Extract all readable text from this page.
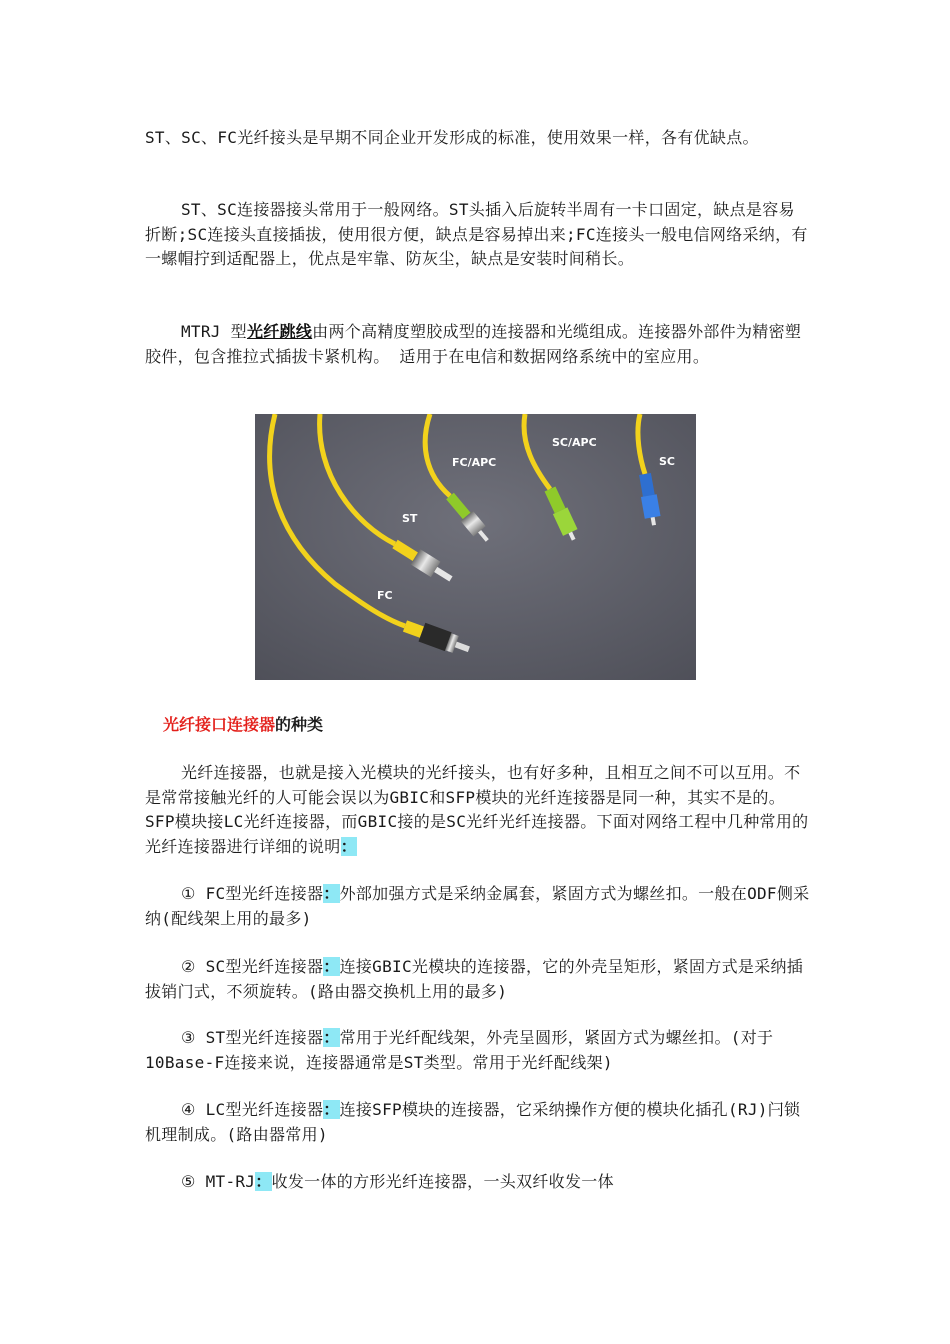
ST、SC、FC光纤接头是早期不同企业开发形成的标准，使用效果一样，各有优缺点。

ST、SC连接器接头常用于一般网络。ST头插入后旋转半周有一卡口固定，缺点是容易折断;SC连接头直接插拔，使用很方便，缺点是容易掉出来;FC连接头一般电信网络采纳，有一螺帽拧到适配器上，优点是牢靠、防灰尘，缺点是安装时间稍长。

MTRJ 型光纤跳线由两个高精度塑胶成型的连接器和光缆组成。连接器外部件为精密塑胶件，包含推拉式插拔卡紧机构。 适用于在电信和数据网络系统中的室应用。

FC
ST
FC/APC
SC/APC
SC
光纤接口连接器的种类

光纤连接器，也就是接入光模块的光纤接头，也有好多种，且相互之间不可以互用。不是常常接触光纤的人可能会误以为GBIC和SFP模块的光纤连接器是同一种，其实不是的。SFP模块接LC光纤连接器，而GBIC接的是SC光纤光纤连接器。下面对网络工程中几种常用的光纤连接器进行详细的说明：

① FC型光纤连接器：外部加强方式是采纳金属套，紧固方式为螺丝扣。一般在ODF侧采纳(配线架上用的最多)

② SC型光纤连接器：连接GBIC光模块的连接器，它的外壳呈矩形，紧固方式是采纳插拔销门式，不须旋转。(路由器交换机上用的最多)

③ ST型光纤连接器：常用于光纤配线架，外壳呈圆形，紧固方式为螺丝扣。(对于10Base-F连接来说，连接器通常是ST类型。常用于光纤配线架)

④ LC型光纤连接器：连接SFP模块的连接器，它采纳操作方便的模块化插孔(RJ)闩锁机理制成。(路由器常用)

⑤ MT-RJ：收发一体的方形光纤连接器，一头双纤收发一体
